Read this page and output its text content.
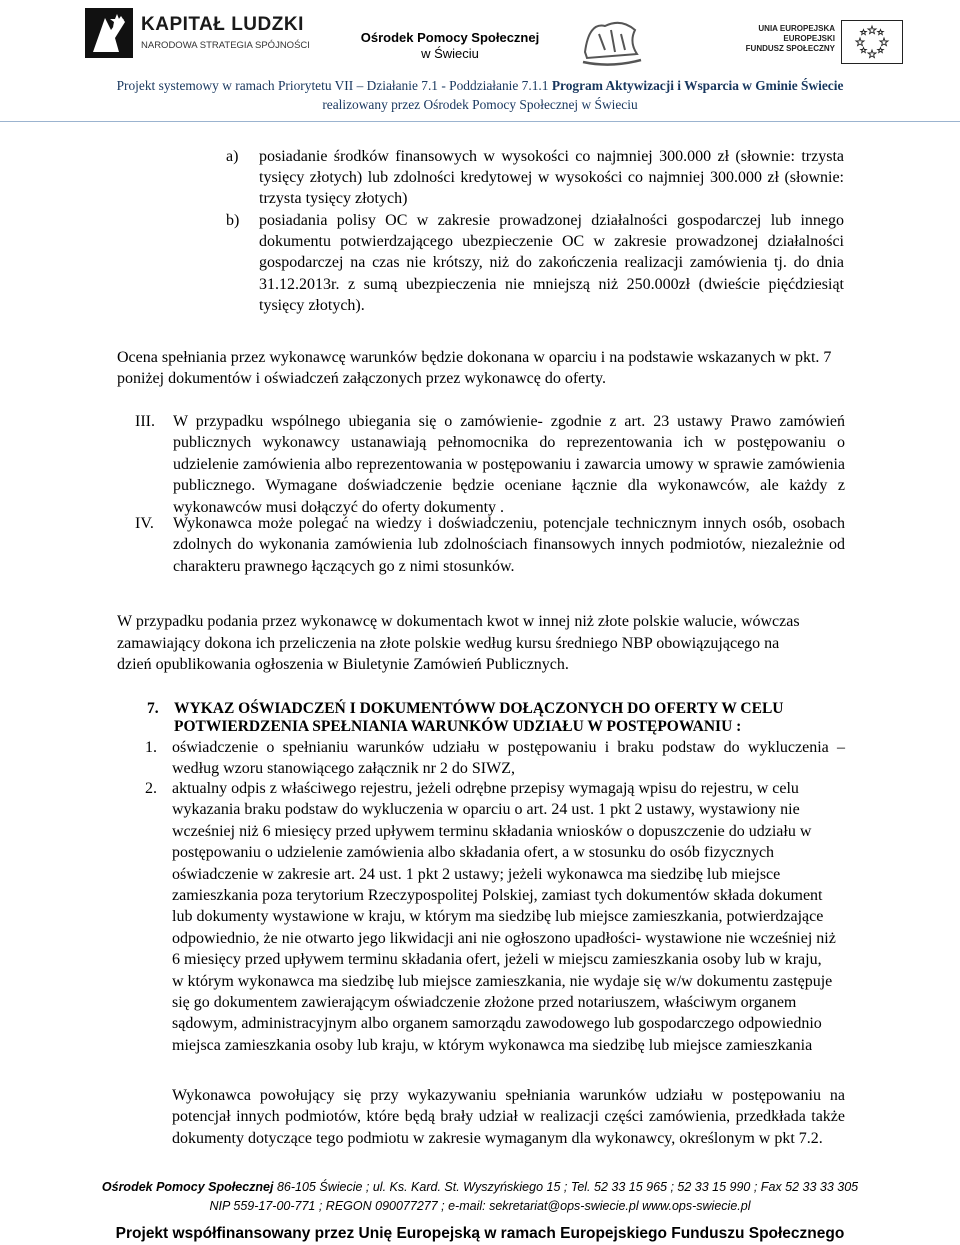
KAPITAŁ LUDZKI
NARODOWA STRATEGIA SPÓJNOŚCI
Ośrodek Pomocy Społecznej
w Świeciu
UNIA EUROPEJSKA
EUROPEJSKI
FUNDUSZ SPOŁECZNY
Projekt systemowy w ramach Priorytetu VII – Działanie 7.1 - Poddziałanie 7.1.1 Program Aktywizacji i Wsparcia w Gminie Świecie
realizowany przez Ośrodek Pomocy Społecznej w Świeciu
a) posiadanie środków finansowych w wysokości co najmniej 300.000 zł (słownie: trzysta tysięcy złotych) lub zdolności kredytowej w wysokości co najmniej 300.000 zł (słownie: trzysta tysięcy złotych)
b) posiadania polisy OC w zakresie prowadzonej działalności gospodarczej lub innego dokumentu potwierdzającego ubezpieczenie OC w zakresie prowadzonej działalności gospodarczej na czas nie krótszy, niż do zakończenia realizacji zamówienia tj. do dnia 31.12.2013r. z sumą ubezpieczenia nie mniejszą niż 250.000zł (dwieście pięćdziesiąt tysięcy złotych).
Ocena spełniania przez wykonawcę warunków będzie dokonana w oparciu i na podstawie wskazanych w pkt. 7 poniżej dokumentów i oświadczeń załączonych przez wykonawcę do oferty.
III. W przypadku wspólnego ubiegania się o zamówienie- zgodnie z art. 23 ustawy Prawo zamówień publicznych wykonawcy ustanawiają pełnomocnika do reprezentowania ich w postępowaniu o udzielenie zamówienia albo reprezentowania w postępowaniu i zawarcia umowy w sprawie zamówienia publicznego. Wymagane doświadczenie będzie oceniane łącznie dla wykonawców, ale każdy z wykonawców musi dołączyć do oferty dokumenty .
IV. Wykonawca może polegać na wiedzy i doświadczeniu, potencjale technicznym innych osób, osobach zdolnych do wykonania zamówienia lub zdolnościach finansowych innych podmiotów, niezależnie od charakteru prawnego łączących go z nimi stosunków.
W przypadku podania przez wykonawcę w dokumentach kwot w innej niż złote polskie walucie, wówczas zamawiający dokona ich przeliczenia na złote polskie według kursu średniego NBP obowiązującego na dzień opublikowania ogłoszenia w Biuletynie Zamówień Publicznych.
7. WYKAZ OŚWIADCZEŃ I DOKUMENTÓWW DOŁĄCZONYCH DO OFERTY W CELU
POTWIERDZENIA SPEŁNIANIA WARUNKÓW UDZIAŁU W POSTĘPOWANIU :
1. oświadczenie o spełnianiu warunków udziału w postępowaniu i braku podstaw do wykluczenia – według wzoru stanowiącego załącznik nr 2 do SIWZ,
2. aktualny odpis z właściwego rejestru, jeżeli odrębne przepisy wymagają wpisu do rejestru, w celu wykazania braku podstaw do wykluczenia w oparciu o art. 24 ust. 1 pkt 2 ustawy, wystawiony nie wcześniej niż 6 miesięcy przed upływem terminu składania wniosków o dopuszczenie do udziału w postępowaniu o udzielenie zamówienia albo składania ofert, a w stosunku do osób fizycznych oświadczenie w zakresie art. 24 ust. 1 pkt 2 ustawy; jeżeli wykonawca ma siedzibę lub miejsce zamieszkania poza terytorium Rzeczypospolitej Polskiej, zamiast tych dokumentów składa dokument lub dokumenty wystawione w kraju, w którym ma siedzibę lub miejsce zamieszkania, potwierdzające odpowiednio, że nie otwarto jego likwidacji ani nie ogłoszono upadłości- wystawione nie wcześniej niż 6 miesięcy przed upływem terminu składania ofert, jeżeli w miejscu zamieszkania osoby lub w kraju, w którym wykonawca ma siedzibę lub miejsce zamieszkania, nie wydaje się w/w dokumentu zastępuje się go dokumentem zawierającym oświadczenie złożone przed notariuszem, właściwym organem sądowym, administracyjnym albo organem samorządu zawodowego lub gospodarczego odpowiednio miejsca zamieszkania osoby lub kraju, w którym wykonawca ma siedzibę lub miejsce zamieszkania
Wykonawca powołujący się przy wykazywaniu spełniania warunków udziału w postępowaniu na potencjał innych podmiotów, które będą brały udział w realizacji części zamówienia, przedkłada także dokumenty dotyczące tego podmiotu w zakresie wymaganym dla wykonawcy, określonym w pkt 7.2.
Ośrodek Pomocy Społecznej 86-105 Świecie ; ul. Ks. Kard. St. Wyszyńskiego 15 ; Tel. 52 33 15 965 ; 52 33 15 990 ; Fax 52 33 33 305
NIP 559-17-00-771 ; REGON 090077277 ; e-mail: sekretariat@ops-swiecie.pl www.ops-swiecie.pl
Projekt współfinansowany przez Unię Europejską w ramach Europejskiego Funduszu Społecznego
